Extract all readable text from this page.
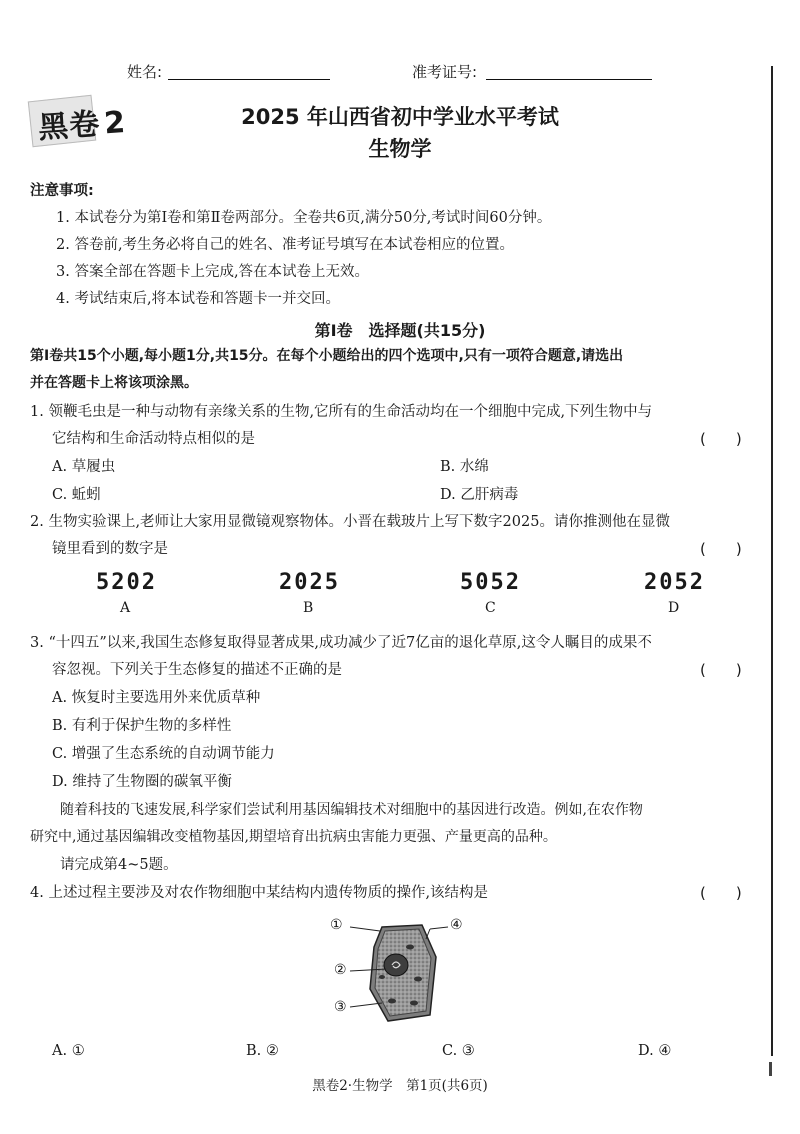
姓名:	准考证号:
黑卷2	2025 年山西省初中学业水平考试
生物学
注意事项:
1. 本试卷分为第Ⅰ卷和第Ⅱ卷两部分。全卷共6页,满分50分,考试时间60分钟。
2. 答卷前,考生务必将自己的姓名、准考证号填写在本试卷相应的位置。
3. 答案全部在答题卡上完成,答在本试卷上无效。
4. 考试结束后,将本试卷和答题卡一并交回。
第Ⅰ卷　选择题(共15分)
第Ⅰ卷共15个小题,每小题1分,共15分。在每个小题给出的四个选项中,只有一项符合题意,请选出
并在答题卡上将该项涂黑。
1. 领鞭毛虫是一种与动物有亲缘关系的生物,它所有的生命活动均在一个细胞中完成,下列生物中与
它结构和生命活动特点相似的是	(　　)
A. 草履虫	B. 水绵
C. 蚯蚓	D. 乙肝病毒
2. 生物实验课上,老师让大家用显微镜观察物体。小晋在载玻片上写下数字2025。请你推测他在显微
镜里看到的数字是	(　　)
5202	2025	5052	2052
A	B	C	D
3. “十四五”以来,我国生态修复取得显著成果,成功减少了近7亿亩的退化草原,这令人瞩目的成果不
容忽视。下列关于生态修复的描述不正确的是	(　　)
A. 恢复时主要选用外来优质草种
B. 有利于保护生物的多样性
C. 增强了生态系统的自动调节能力
D. 维持了生物圈的碳氧平衡
随着科技的飞速发展,科学家们尝试利用基因编辑技术对细胞中的基因进行改造。例如,在农作物
研究中,通过基因编辑改变植物基因,期望培育出抗病虫害能力更强、产量更高的品种。
请完成第4~5题。
4. 上述过程主要涉及对农作物细胞中某结构内遗传物质的操作,该结构是	(　　)
①
②
③
④
A. ①	B. ②	C. ③	D. ④
黑卷2·生物学　第1页(共6页)
